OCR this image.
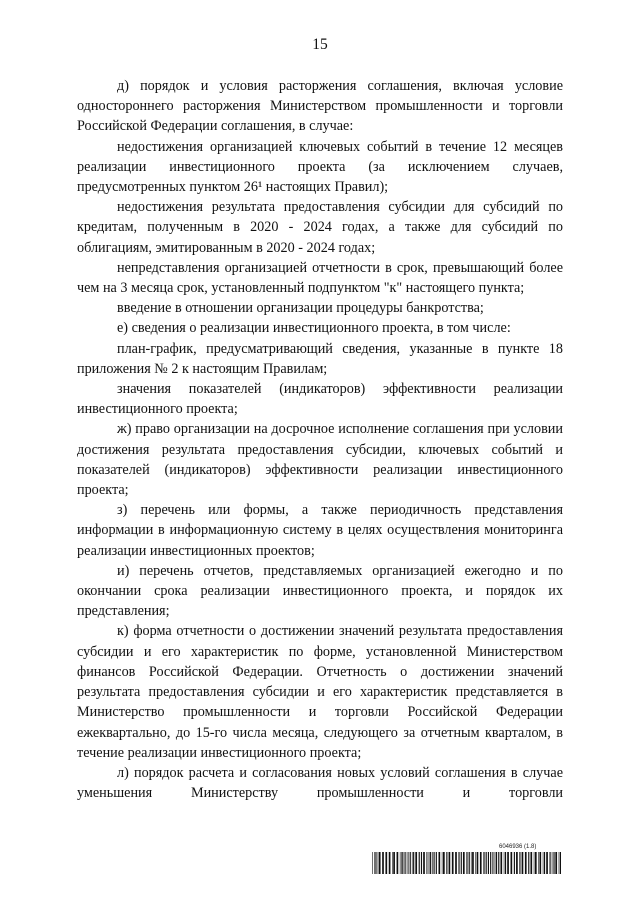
15

д) порядок и условия расторжения соглашения, включая условие одностороннего расторжения Министерством промышленности и торговли Российской Федерации соглашения, в случае:

недостижения организацией ключевых событий в течение 12 месяцев реализации инвестиционного проекта (за исключением случаев, предусмотренных пунктом 26¹ настоящих Правил);

недостижения результата предоставления субсидии для субсидий по кредитам, полученным в 2020 - 2024 годах, а также для субсидий по облигациям, эмитированным в 2020 - 2024 годах;

непредставления организацией отчетности в срок, превышающий более чем на 3 месяца срок, установленный подпунктом "к" настоящего пункта;

введение в отношении организации процедуры банкротства;

е) сведения о реализации инвестиционного проекта, в том числе:

план-график, предусматривающий сведения, указанные в пункте 18 приложения № 2 к настоящим Правилам;

значения показателей (индикаторов) эффективности реализации инвестиционного проекта;

ж) право организации на досрочное исполнение соглашения при условии достижения результата предоставления субсидии, ключевых событий и показателей (индикаторов) эффективности реализации инвестиционного проекта;

з) перечень или формы, а также периодичность представления информации в информационную систему в целях осуществления мониторинга реализации инвестиционных проектов;

и) перечень отчетов, представляемых организацией ежегодно и по окончании срока реализации инвестиционного проекта, и порядок их представления;

к) форма отчетности о достижении значений результата предоставления субсидии и его характеристик по форме, установленной Министерством финансов Российской Федерации. Отчетность о достижении значений результата предоставления субсидии и его характеристик представляется в Министерство промышленности и торговли Российской Федерации ежеквартально, до 15-го числа месяца, следующего за отчетным кварталом, в течение реализации инвестиционного проекта;

л) порядок расчета и согласования новых условий соглашения в случае уменьшения Министерству промышленности и торговли

6046936 (1.8)
